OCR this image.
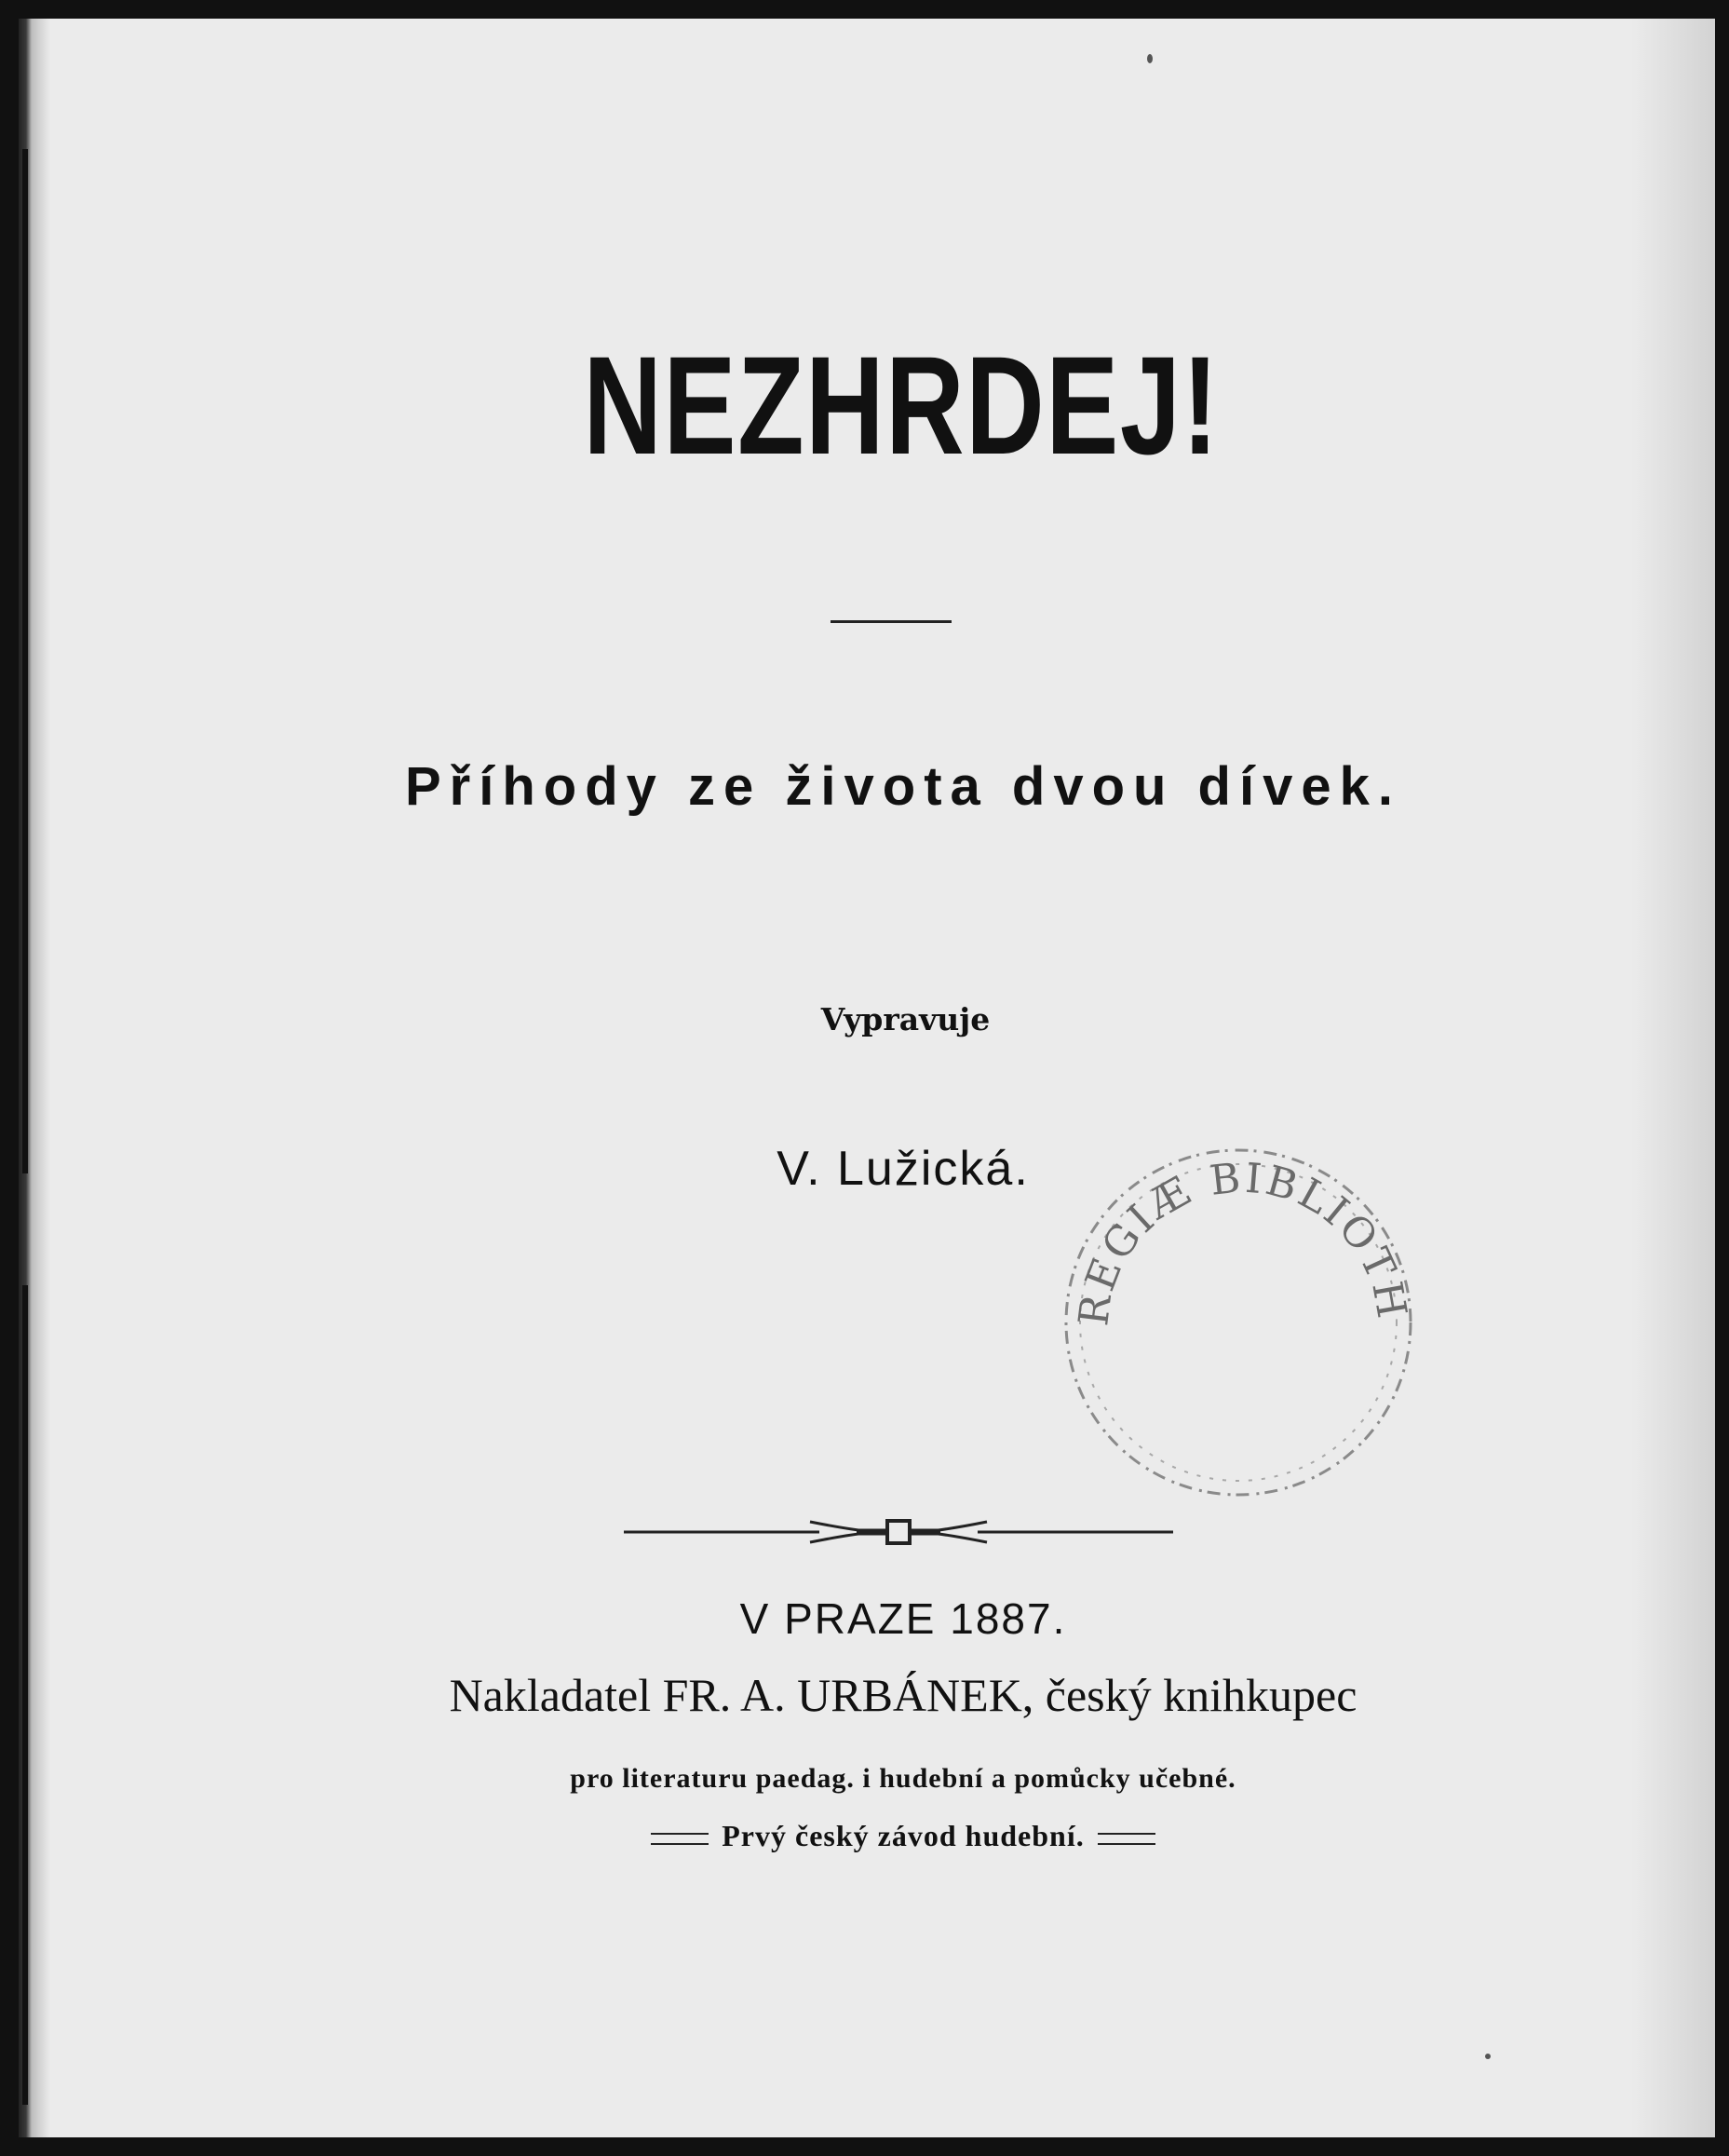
NEZHRDEJ!
Příhody ze života dvou dívek.
Vypravuje
V. Lužická.
REGIÆ BIBLIOTH
V PRAZE 1887.
Nakladatel FR. A. URBÁNEK, český knihkupec
pro literaturu paedag. i hudební a pomůcky učebné.
Prvý český závod hudební.
